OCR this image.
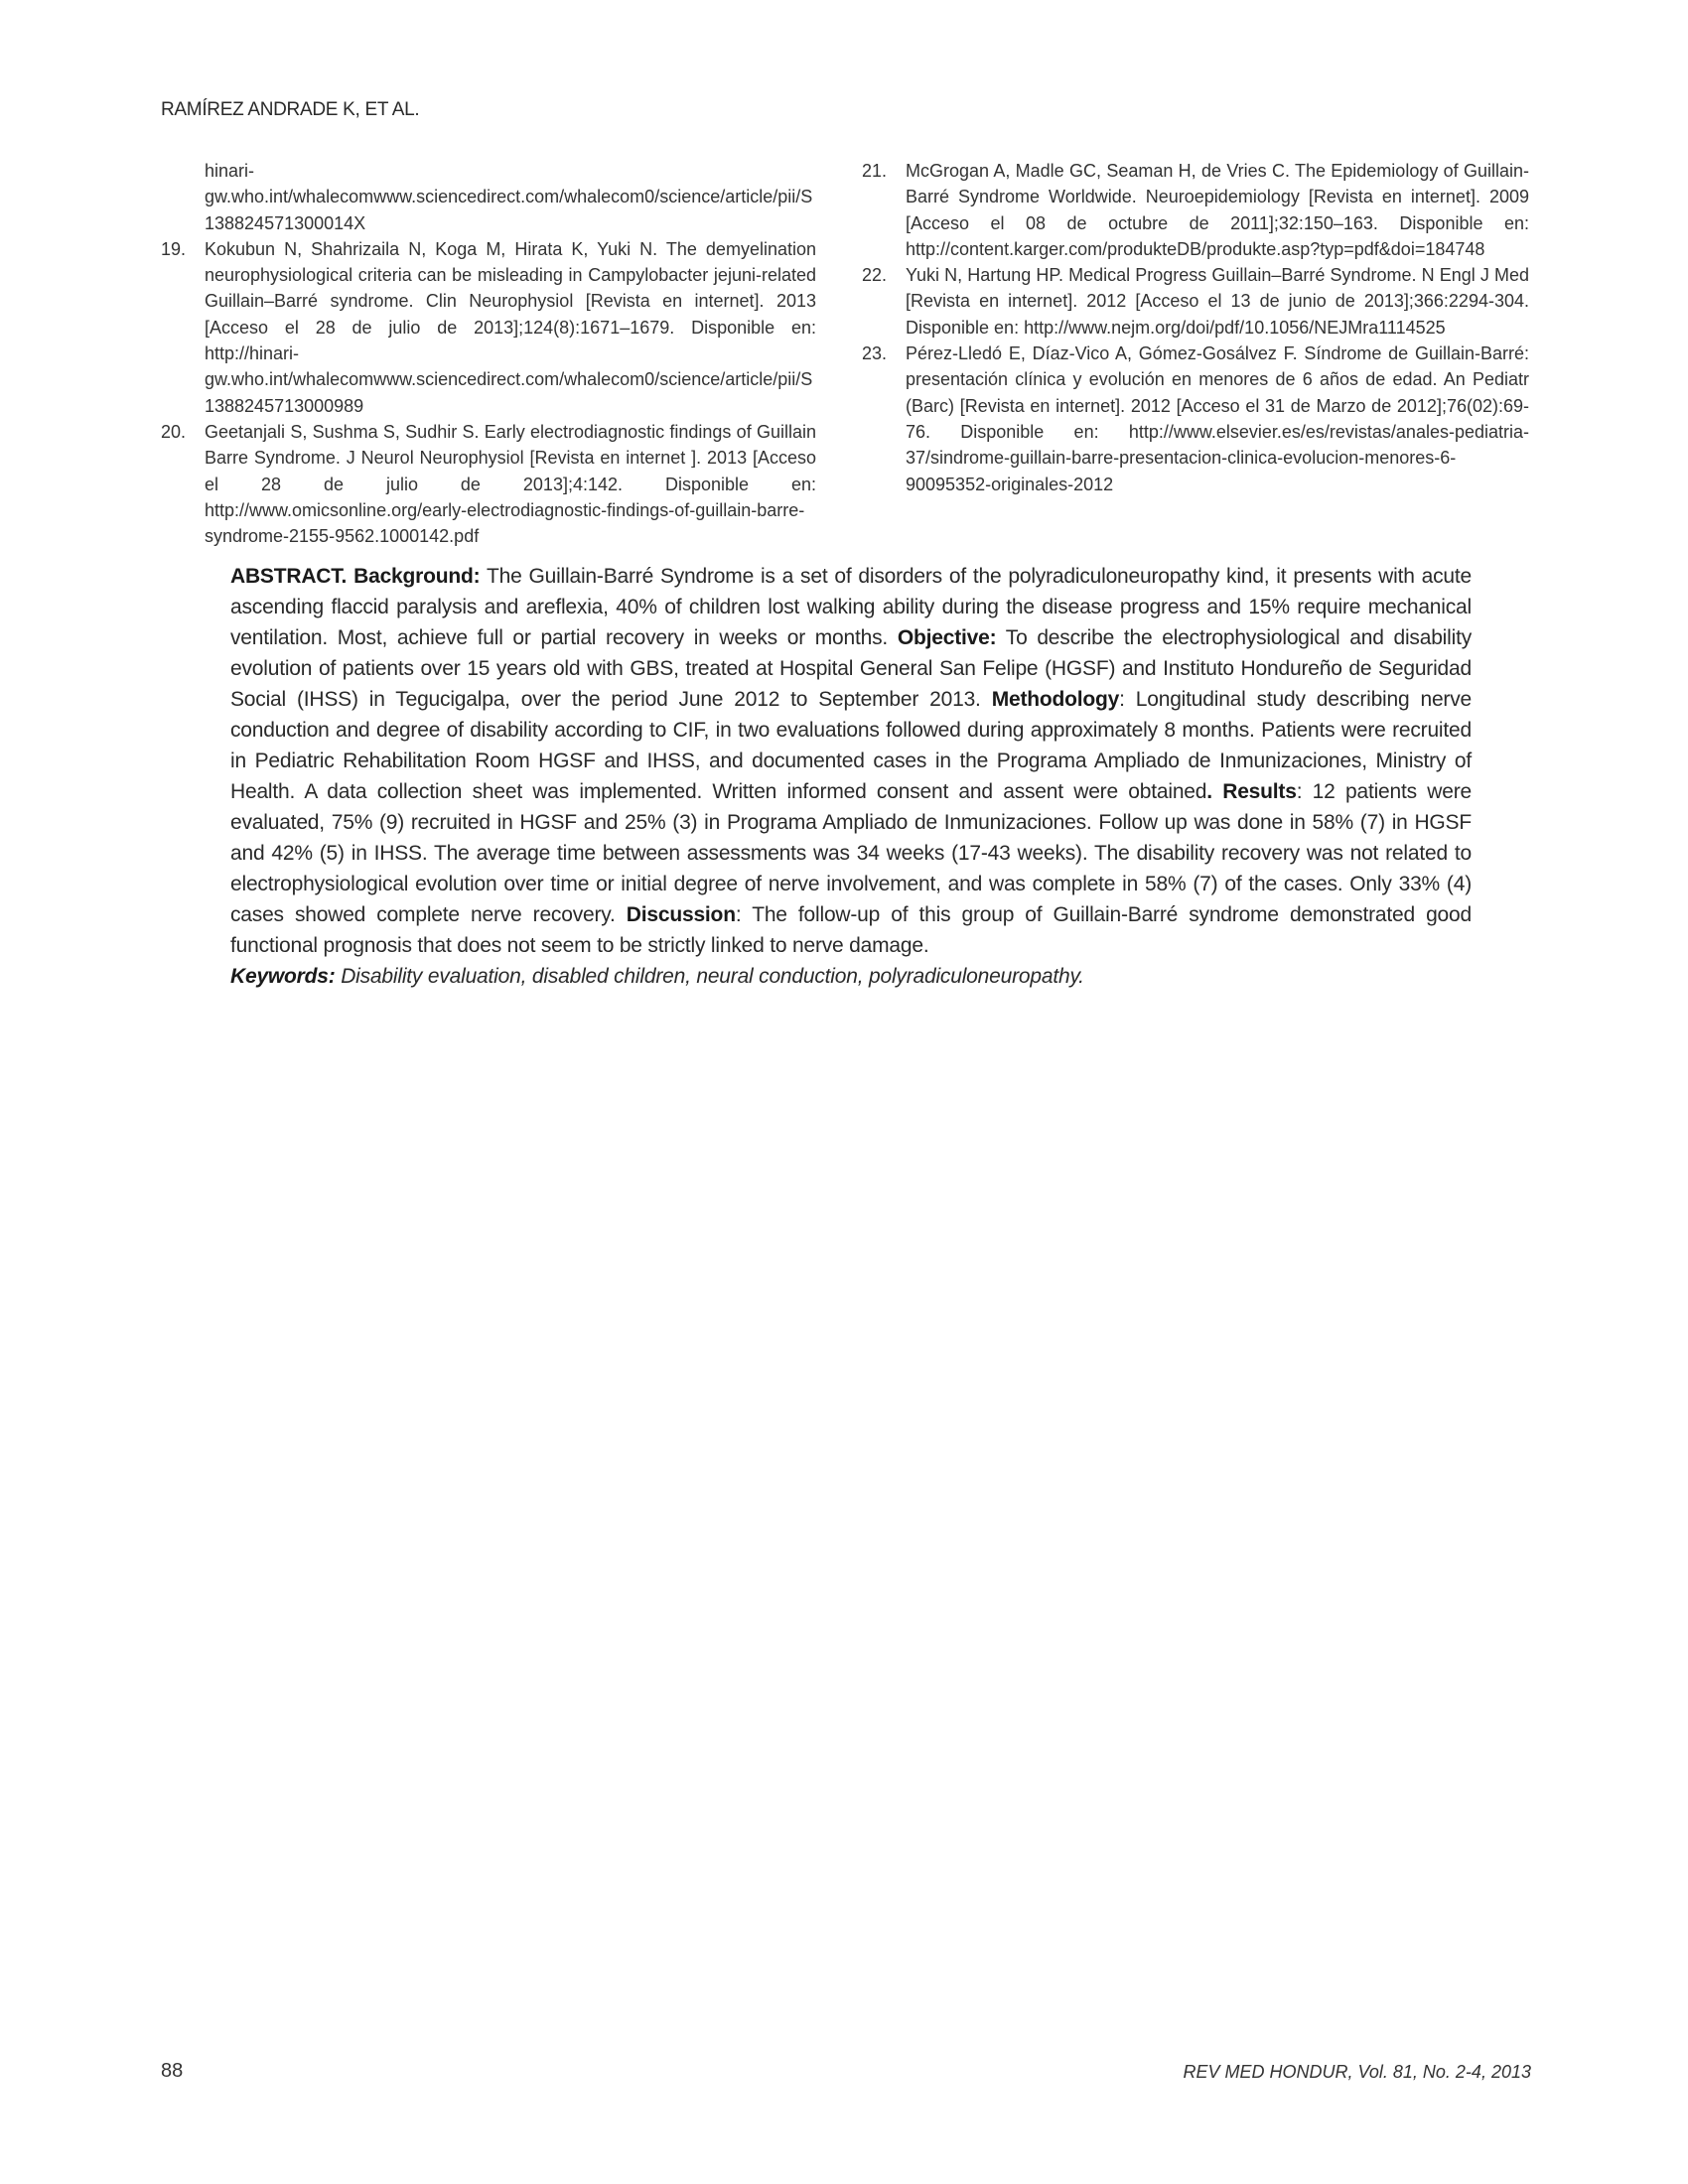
RAMÍREZ ANDRADE K, ET AL.
hinari-gw.who.int/whalecomwww.sciencedirect.com/whalecom0/science/article/pii/S138824571300014X
19.	Kokubun N, Shahrizaila N, Koga M, Hirata K, Yuki N. The demyelination neurophysiological criteria can be misleading in Campylobacter jejuni-related Guillain–Barré syndrome. Clin Neurophysiol [Revista en internet]. 2013 [Acceso el 28 de julio de 2013];124(8):1671–1679. Disponible en: http://hinari-gw.who.int/whalecomwww.sciencedirect.com/whalecom0/science/article/pii/S1388245713000989
20.	Geetanjali S, Sushma S, Sudhir S. Early electrodiagnostic findings of Guillain Barre Syndrome. J Neurol Neurophysiol [Revista en internet ]. 2013 [Acceso el 28 de julio de 2013];4:142. Disponible en: http://www.omicsonline.org/early-electrodiagnostic-findings-of-guillain-barre-syndrome-2155-9562.1000142.pdf
21.	McGrogan A, Madle GC, Seaman H, de Vries C. The Epidemiology of Guillain-Barré Syndrome Worldwide. Neuroepidemiology [Revista en internet]. 2009 [Acceso el 08 de octubre de 2011];32:150–163. Disponible en: http://content.karger.com/produkteDB/produkte.asp?typ=pdf&doi=184748
22.	Yuki N, Hartung HP. Medical Progress Guillain–Barré Syndrome. N Engl J Med [Revista en internet]. 2012 [Acceso el 13 de junio de 2013];366:2294-304. Disponible en: http://www.nejm.org/doi/pdf/10.1056/NEJMra1114525
23.	Pérez-Lledó E, Díaz-Vico A, Gómez-Gosálvez F. Síndrome de Guillain-Barré: presentación clínica y evolución en menores de 6 años de edad. An Pediatr (Barc) [Revista en internet]. 2012 [Acceso el 31 de Marzo de 2012];76(02):69-76. Disponible en: http://www.elsevier.es/es/revistas/anales-pediatria-37/sindrome-guillain-barre-presentacion-clinica-evolucion-menores-6-90095352-originales-2012

ABSTRACT. Background: The Guillain-Barré Syndrome is a set of disorders of the polyradiculoneuropathy kind, it presents with acute ascending flaccid paralysis and areflexia, 40% of children lost walking ability during the disease progress and 15% require mechanical ventilation. Most, achieve full or partial recovery in weeks or months. Objective: To describe the electrophysiological and disability evolution of patients over 15 years old with GBS, treated at Hospital General San Felipe (HGSF) and Instituto Hondureño de Seguridad Social (IHSS) in Tegucigalpa, over the period June 2012 to September 2013. Methodology: Longitudinal study describing nerve conduction and degree of disability according to CIF, in two evaluations followed during approximately 8 months. Patients were recruited in Pediatric Rehabilitation Room HGSF and IHSS, and documented cases in the Programa Ampliado de Inmunizaciones, Ministry of Health. A data collection sheet was implemented. Written informed consent and assent were obtained. Results: 12 patients were evaluated, 75% (9) recruited in HGSF and 25% (3) in Programa Ampliado de Inmunizaciones. Follow up was done in 58% (7) in HGSF and 42% (5) in IHSS. The average time between assessments was 34 weeks (17-43 weeks). The disability recovery was not related to electrophysiological evolution over time or initial degree of nerve involvement, and was complete in 58% (7) of the cases. Only 33% (4) cases showed complete nerve recovery. Discussion: The follow-up of this group of Guillain-Barré syndrome demonstrated good functional prognosis that does not seem to be strictly linked to nerve damage.

Keywords: Disability evaluation, disabled children, neural conduction, polyradiculoneuropathy.

88	REV MED HONDUR, Vol. 81, No. 2-4, 2013
